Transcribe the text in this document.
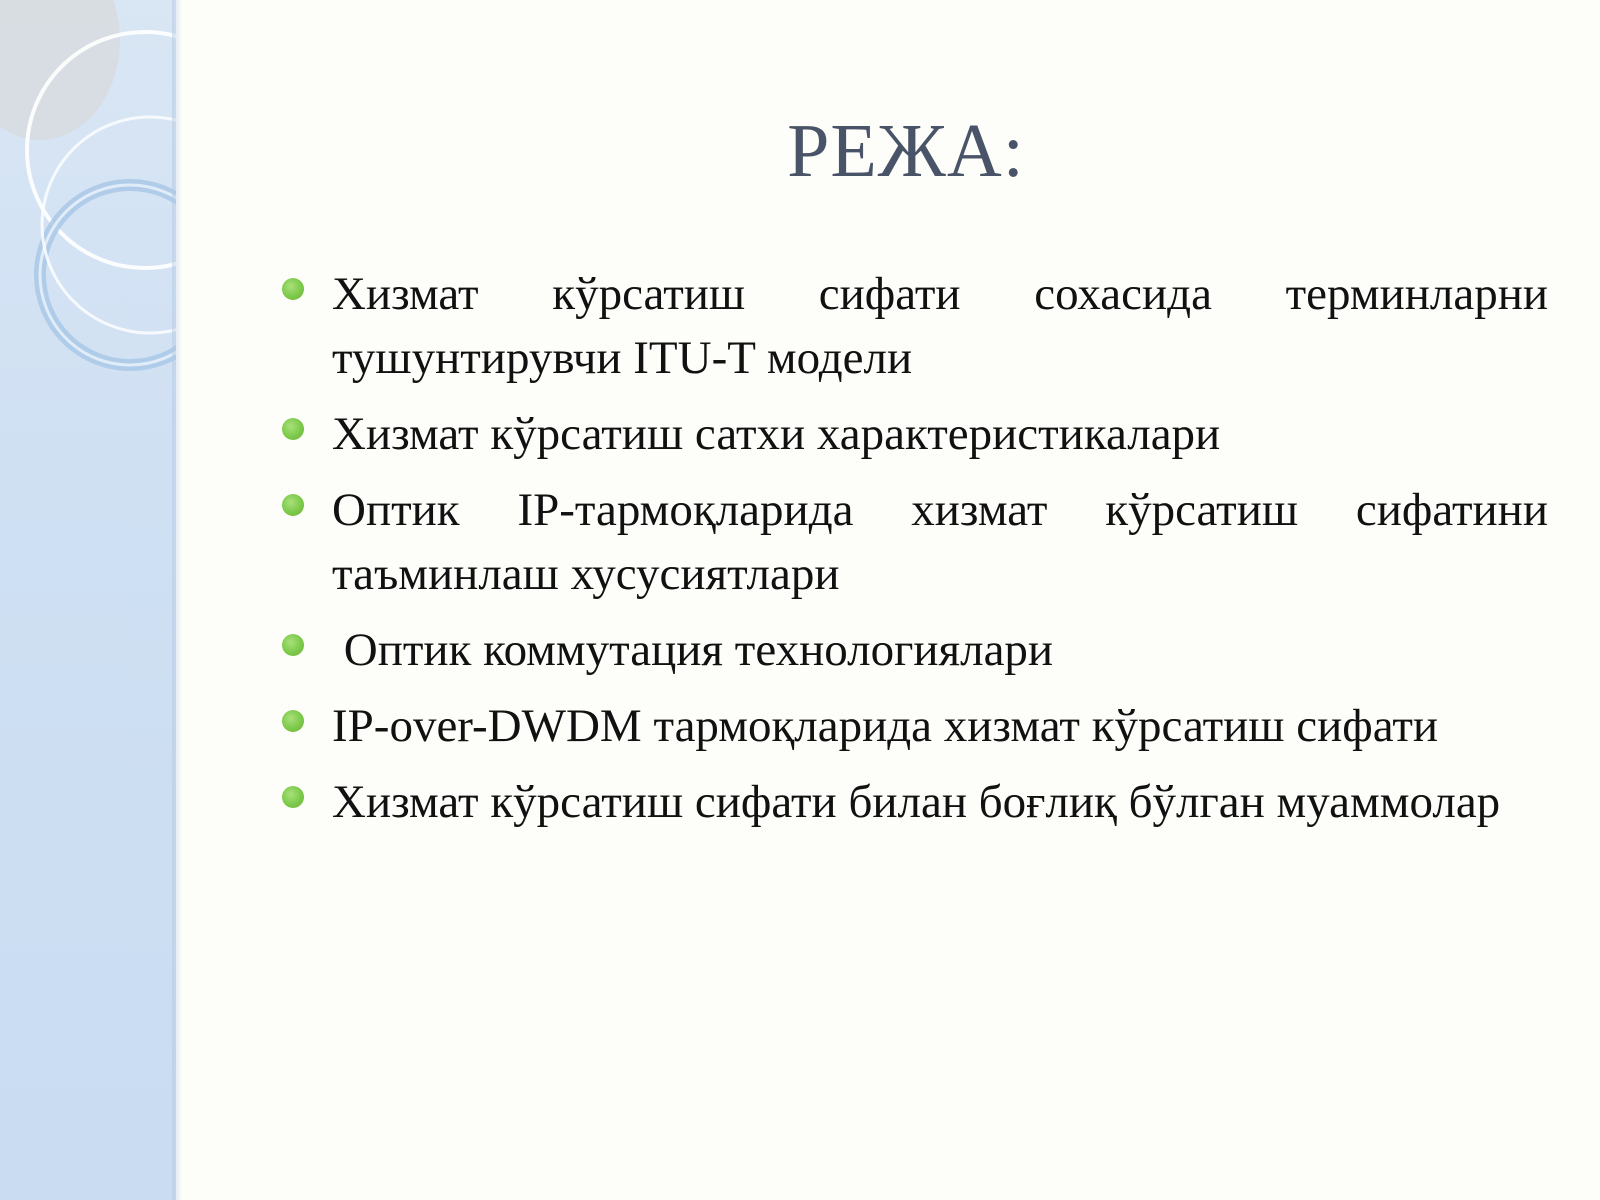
РЕЖА:
Хизмат кўрсатиш сифати сохасида терминларни тушунтирувчи ITU-T модели
Хизмат кўрсатиш сатхи характеристикалари
Оптик IP-тармоқларида хизмат кўрсатиш сифатини таъминлаш хусусиятлари
Оптик коммутация технологиялари
IP-over-DWDM тармоқларида хизмат кўрсатиш сифати
Хизмат кўрсатиш сифати билан боғлиқ бўлган муаммолар
